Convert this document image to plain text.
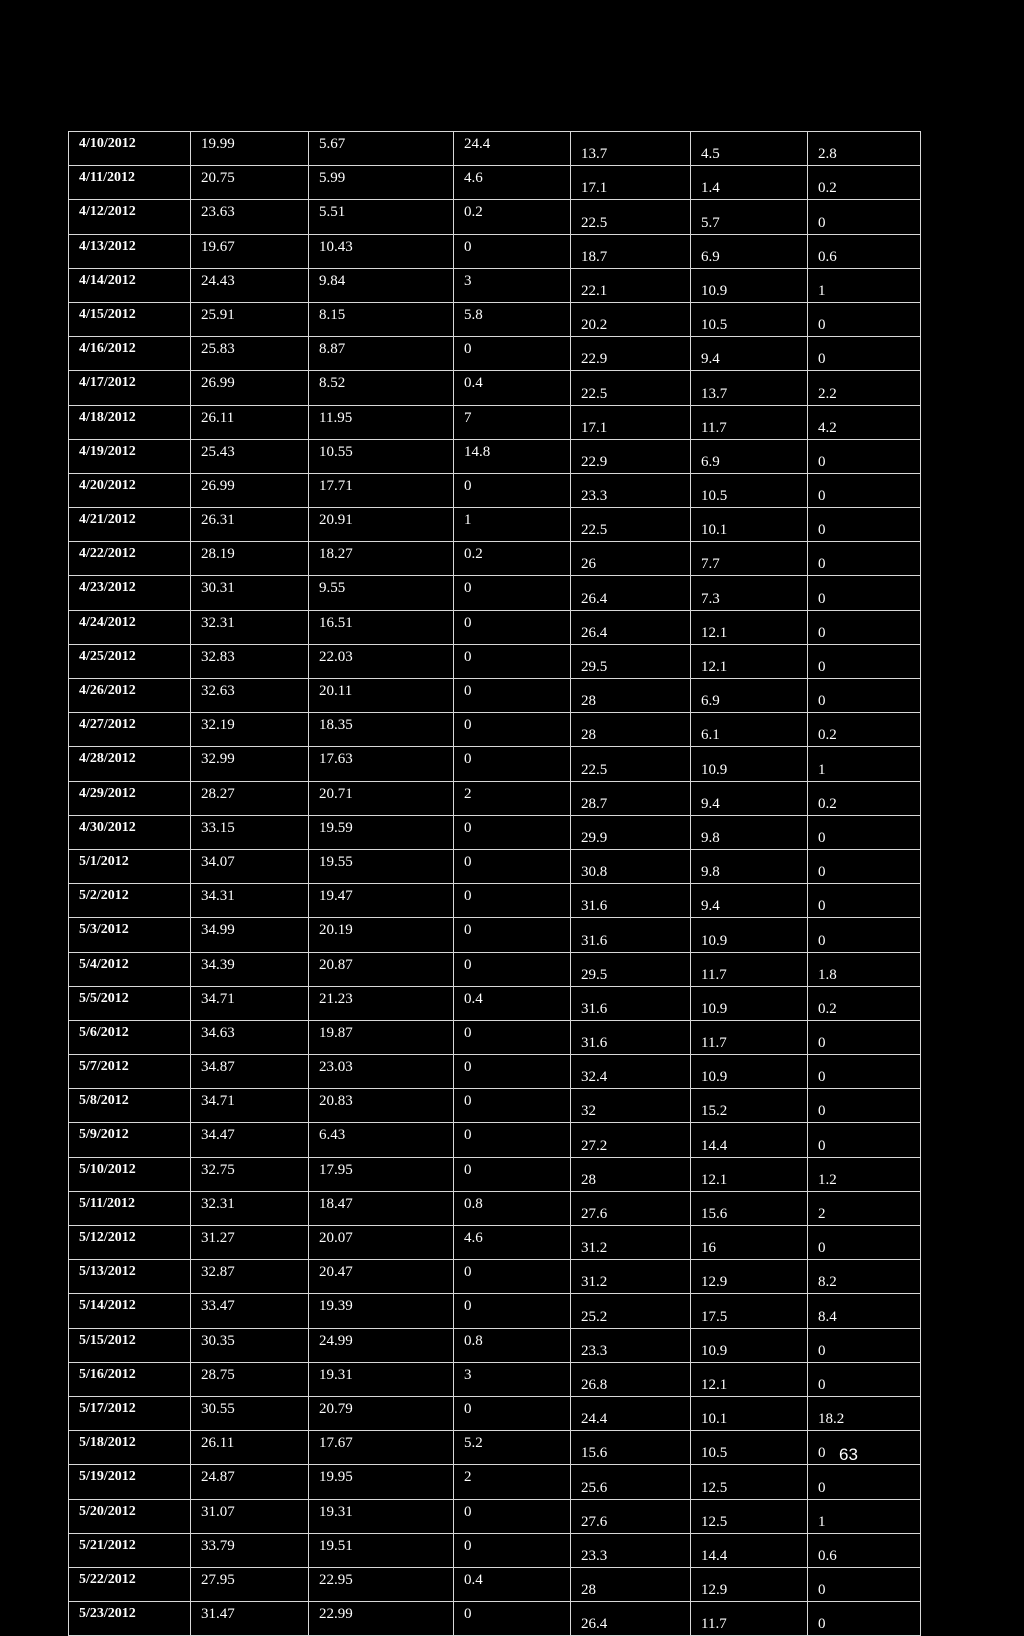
4/10/2012	19.99	5.67	24.4	13.7	4.5	2.8
4/11/2012	20.75	5.99	4.6	17.1	1.4	0.2
4/12/2012	23.63	5.51	0.2	22.5	5.7	0
4/13/2012	19.67	10.43	0	18.7	6.9	0.6
4/14/2012	24.43	9.84	3	22.1	10.9	1
4/15/2012	25.91	8.15	5.8	20.2	10.5	0
4/16/2012	25.83	8.87	0	22.9	9.4	0
4/17/2012	26.99	8.52	0.4	22.5	13.7	2.2
4/18/2012	26.11	11.95	7	17.1	11.7	4.2
4/19/2012	25.43	10.55	14.8	22.9	6.9	0
4/20/2012	26.99	17.71	0	23.3	10.5	0
4/21/2012	26.31	20.91	1	22.5	10.1	0
4/22/2012	28.19	18.27	0.2	26	7.7	0
4/23/2012	30.31	9.55	0	26.4	7.3	0
4/24/2012	32.31	16.51	0	26.4	12.1	0
4/25/2012	32.83	22.03	0	29.5	12.1	0
4/26/2012	32.63	20.11	0	28	6.9	0
4/27/2012	32.19	18.35	0	28	6.1	0.2
4/28/2012	32.99	17.63	0	22.5	10.9	1
4/29/2012	28.27	20.71	2	28.7	9.4	0.2
4/30/2012	33.15	19.59	0	29.9	9.8	0
5/1/2012	34.07	19.55	0	30.8	9.8	0
5/2/2012	34.31	19.47	0	31.6	9.4	0
5/3/2012	34.99	20.19	0	31.6	10.9	0
5/4/2012	34.39	20.87	0	29.5	11.7	1.8
5/5/2012	34.71	21.23	0.4	31.6	10.9	0.2
5/6/2012	34.63	19.87	0	31.6	11.7	0
5/7/2012	34.87	23.03	0	32.4	10.9	0
5/8/2012	34.71	20.83	0	32	15.2	0
5/9/2012	34.47	6.43	0	27.2	14.4	0
5/10/2012	32.75	17.95	0	28	12.1	1.2
5/11/2012	32.31	18.47	0.8	27.6	15.6	2
5/12/2012	31.27	20.07	4.6	31.2	16	0
5/13/2012	32.87	20.47	0	31.2	12.9	8.2
5/14/2012	33.47	19.39	0	25.2	17.5	8.4
5/15/2012	30.35	24.99	0.8	23.3	10.9	0
5/16/2012	28.75	19.31	3	26.8	12.1	0
5/17/2012	30.55	20.79	0	24.4	10.1	18.2
5/18/2012	26.11	17.67	5.2	15.6	10.5	0
5/19/2012	24.87	19.95	2	25.6	12.5	0
5/20/2012	31.07	19.31	0	27.6	12.5	1
5/21/2012	33.79	19.51	0	23.3	14.4	0.6
5/22/2012	27.95	22.95	0.4	28	12.9	0
5/23/2012	31.47	22.99	0	26.4	11.7	0
63
